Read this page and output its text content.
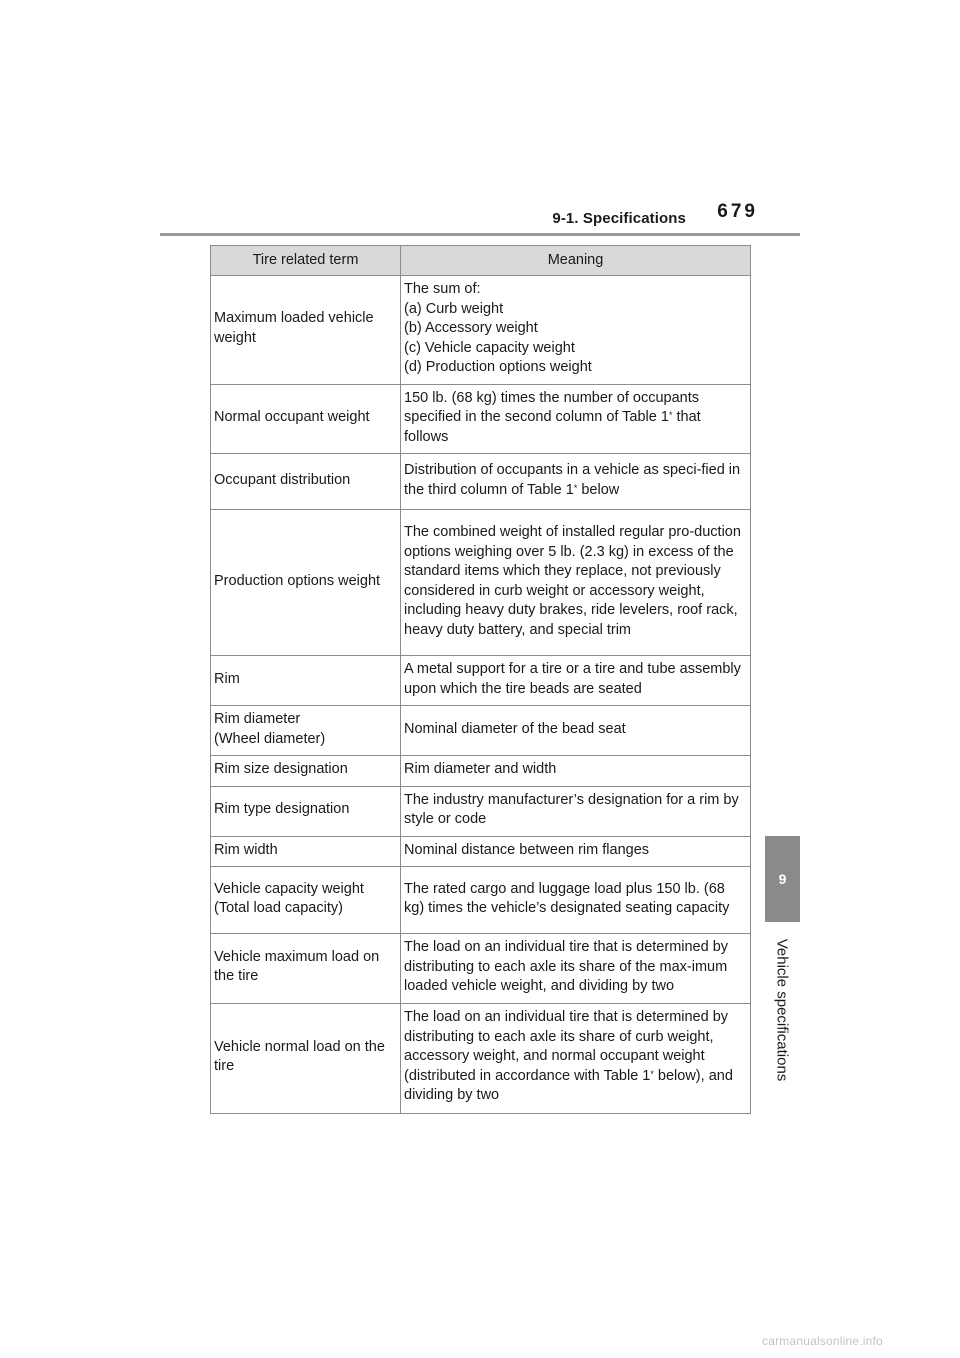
9-1. Specifications 679
9
Vehicle specifications
Tire related term	Meaning
Maximum loaded vehicle weight	The sum of:
(a) Curb weight
(b) Accessory weight
(c) Vehicle capacity weight
(d) Production options weight

Normal occupant weight	150 lb. (68 kg) times the number of occupants specified in the second column of Table 1* that follows
Occupant distribution	Distribution of occupants in a vehicle as speci-fied in the third column of Table 1* below
Production options weight	The combined weight of installed regular pro-duction options weighing over 5 lb. (2.3 kg) in excess of the standard items which they replace, not previously considered in curb weight or accessory weight, including heavy duty brakes, ride levelers, roof rack, heavy duty battery, and special trim
Rim	A metal support for a tire or a tire and tube assembly upon which the tire beads are seated

Rim diameter
(Wheel diameter)	Nominal diameter of the bead seat
Rim size designation	Rim diameter and width
Rim type designation	The industry manufacturer’s designation for a rim by style or code
Rim width	Nominal distance between rim flanges

Vehicle capacity weight
(Total load capacity)	The rated cargo and luggage load plus 150 lb. (68 kg) times the vehicle’s designated seating capacity
Vehicle maximum load on the tire	The load on an individual tire that is determined by distributing to each axle its share of the max-imum loaded vehicle weight, and dividing by two
Vehicle normal load on the tire	The load on an individual tire that is determined by distributing to each axle its share of curb weight, accessory weight, and normal occupant weight (distributed in accordance with Table 1* below), and dividing by two
carmanualsonline.info
